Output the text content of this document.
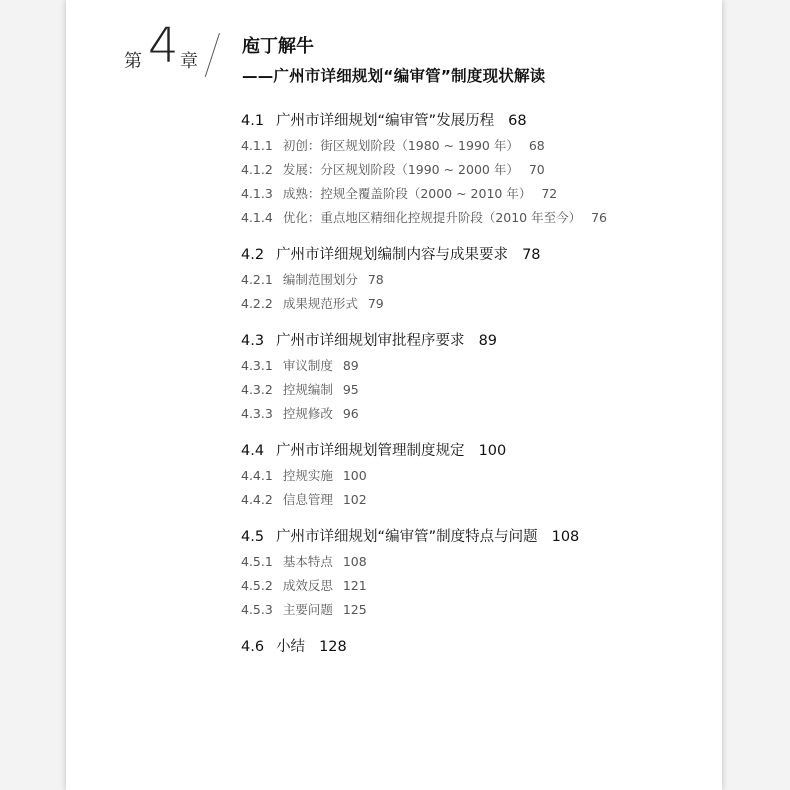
第 4 章
庖丁解牛
——广州市详细规划“编审管”制度现状解读
4.1 广州市详细规划“编审管”发展历程 68
4.1.1 初创：街区规划阶段（1980 ~ 1990 年） 68
4.1.2 发展：分区规划阶段（1990 ~ 2000 年） 70
4.1.3 成熟：控规全覆盖阶段（2000 ~ 2010 年） 72
4.1.4 优化：重点地区精细化控规提升阶段（2010 年至今） 76
4.2 广州市详细规划编制内容与成果要求 78
4.2.1 编制范围划分 78
4.2.2 成果规范形式 79
4.3 广州市详细规划审批程序要求 89
4.3.1 审议制度 89
4.3.2 控规编制 95
4.3.3 控规修改 96
4.4 广州市详细规划管理制度规定 100
4.4.1 控规实施 100
4.4.2 信息管理 102
4.5 广州市详细规划“编审管”制度特点与问题 108
4.5.1 基本特点 108
4.5.2 成效反思 121
4.5.3 主要问题 125
4.6 小结 128
